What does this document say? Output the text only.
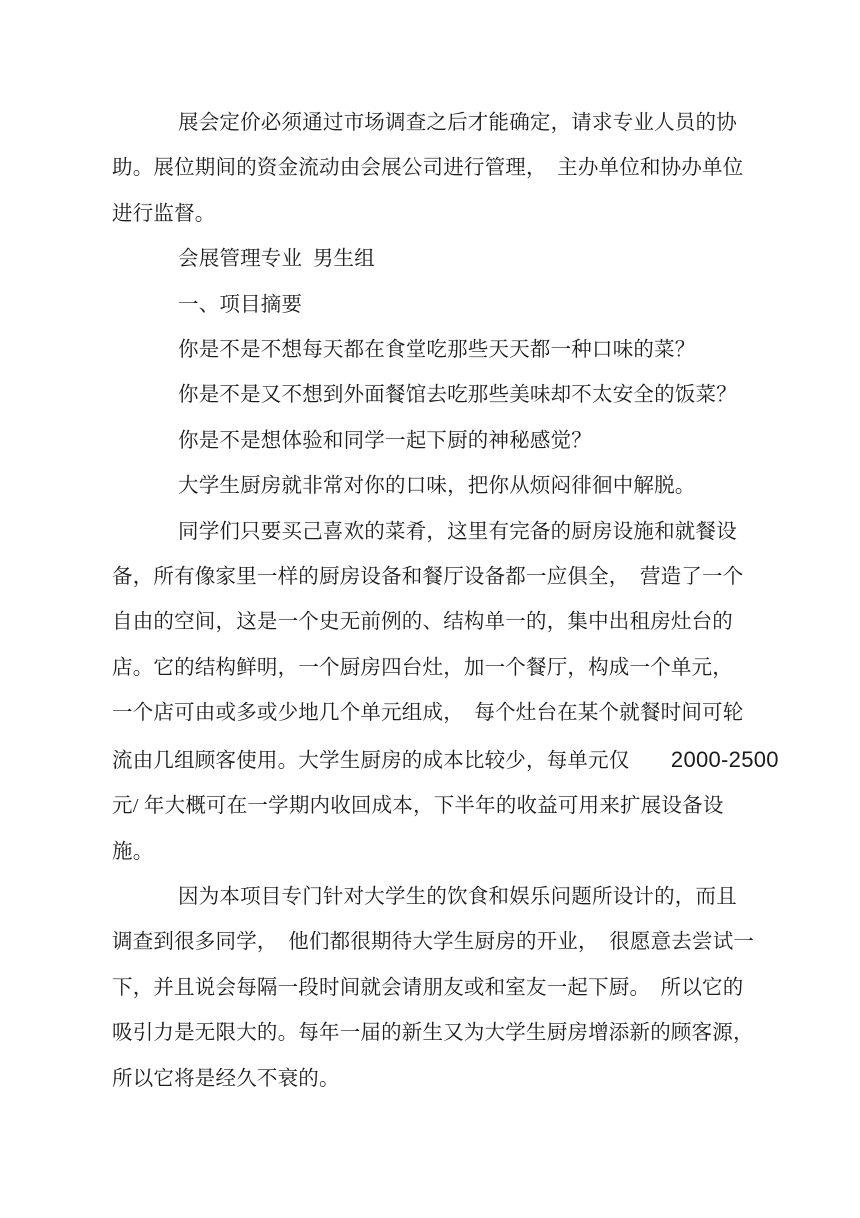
展会定价必须通过市场调查之后才能确定，请求专业人员的协
助。展位期间的资金流动由会展公司进行管理，　主办单位和协办单位
进行监督。
会展管理专业  男生组
一、项目摘要
你是不是不想每天都在食堂吃那些天天都一种口味的菜？
你是不是又不想到外面餐馆去吃那些美味却不太安全的饭菜？
你是不是想体验和同学一起下厨的神秘感觉？
大学生厨房就非常对你的口味，把你从烦闷徘徊中解脱。
同学们只要买己喜欢的菜肴，这里有完备的厨房设施和就餐设
备，所有像家里一样的厨房设备和餐厅设备都一应俱全，　营造了一个
自由的空间，这是一个史无前例的、结构单一的，集中出租房灶台的
店。它的结构鲜明，一个厨房四台灶，加一个餐厅，构成一个单元，
一个店可由或多或少地几个单元组成，　每个灶台在某个就餐时间可轮
流由几组顾客使用。大学生厨房的成本比较少，每单元仅　　2000-2500
元/ 年大概可在一学期内收回成本，下半年的收益可用来扩展设备设
施。
因为本项目专门针对大学生的饮食和娱乐问题所设计的，而且
调查到很多同学，  他们都很期待大学生厨房的开业，　很愿意去尝试一
下，并且说会每隔一段时间就会请朋友或和室友一起下厨。　所以它的
吸引力是无限大的。每年一届的新生又为大学生厨房增添新的顾客源，
所以它将是经久不衰的。
